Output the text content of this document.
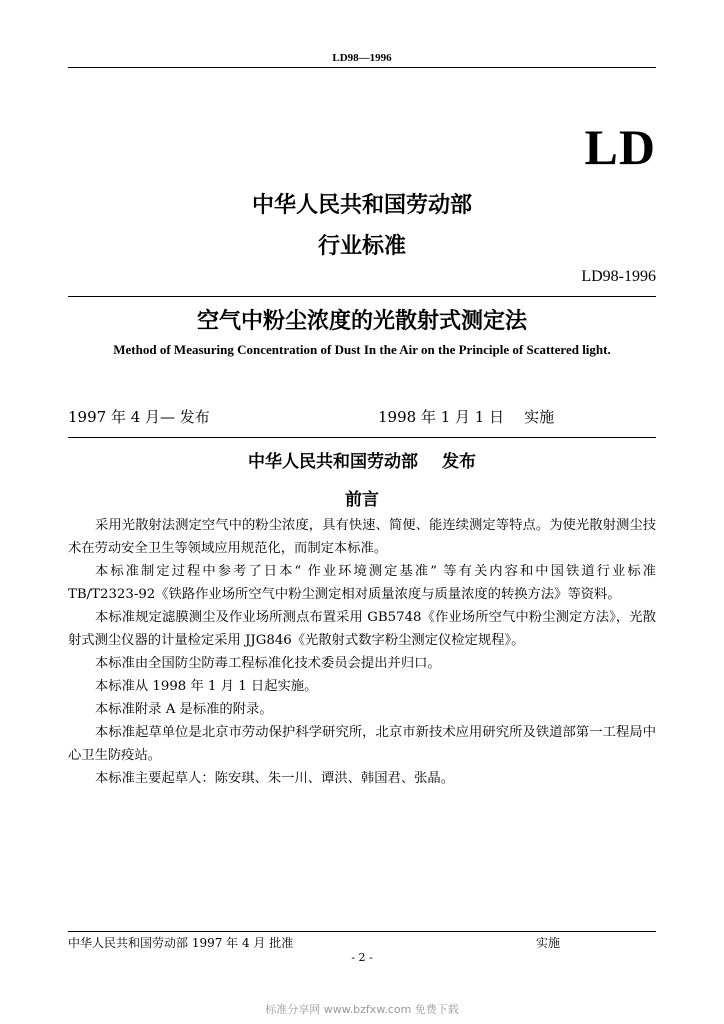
LD98—1996
LD
中华人民共和国劳动部
行业标准
LD98-1996
空气中粉尘浓度的光散射式测定法
Method of Measuring Concentration of Dust In the Air on the Principle of Scattered light.
1997 年 4 月— 发布	1998 年 1 月 1 日 实施
中华人民共和国劳动部 发布
前言

采用光散射法测定空气中的粉尘浓度，具有快速、简便、能连续测定等特点。为使光散射测尘技术在劳动安全卫生等领域应用规范化，而制定本标准。

本标准制定过程中参考了日本“ 作业环境测定基准” 等有关内容和中国铁道行业标准 TB/T2323-92《铁路作业场所空气中粉尘测定相对质量浓度与质量浓度的转换方法》等资料。

本标准规定滤膜测尘及作业场所测点布置采用 GB5748《作业场所空气中粉尘测定方法》，光散射式测尘仪器的计量检定采用 JJG846《光散射式数字粉尘测定仪检定规程》。

本标准由全国防尘防毒工程标准化技术委员会提出并归口。

本标准从 1998 年 1 月 1 日起实施。

本标准附录 A 是标准的附录。

本标准起草单位是北京市劳动保护科学研究所，北京市新技术应用研究所及铁道部第一工程局中心卫生防疫站。

本标准主要起草人：陈安琪、朱一川、谭洪、韩国君、张晶。

中华人民共和国劳动部 1997 年 4 月 批准	实施
- 2 -
标准分享网 www.bzfxw.com 免费下载
